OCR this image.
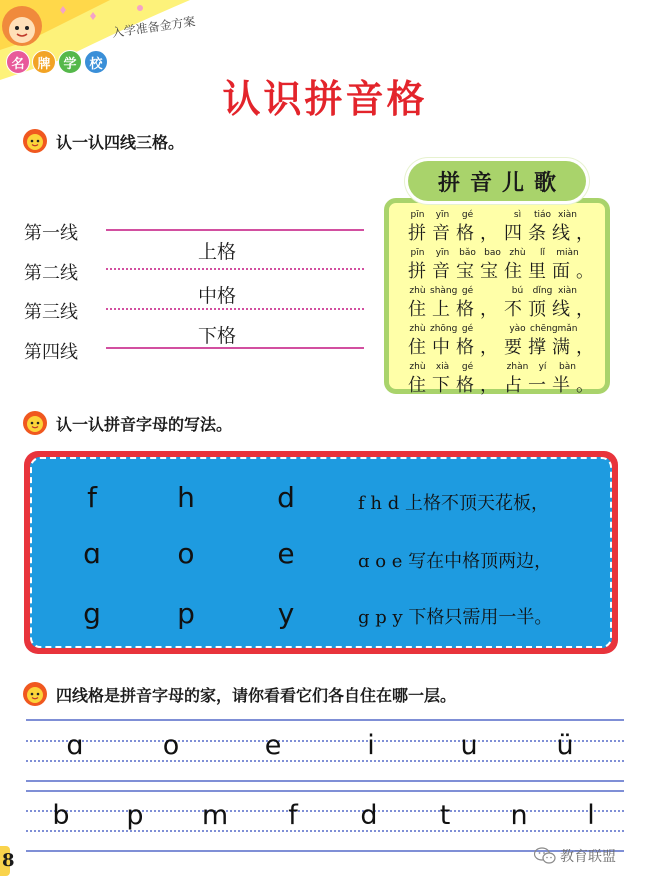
名 牌 学 校
入学准备金方案
认识拼音格
认一认四线三格。
第一线
第二线
第三线
第四线
上格
中格
下格
pīn	yīn	gé	sì	tiáo xiàn
拼 音 格 ， 四 条 线 ，
pīn	yīn	bǎo bao zhù	lǐ	miàn
拼 音 宝 宝 住 里 面 。
zhù shàng gé	bú	dǐng xiàn
住 上 格 ， 不 顶 线 ，
zhù zhōng gé	yào chēng mǎn
住 中 格 ， 要 撑 满 ，
zhù	xià	gé	zhàn	yí	bàn
住 下 格 ， 占 一 半 。
拼音儿歌
认一认拼音字母的写法。
f	h	d	f h d 上格不顶天花板，
ɑ	o	e	ɑ o e 写在中格顶两边，
g	p	y	g p y 下格只需用一半。
四线格是拼音字母的家，请你看看它们各自住在哪一层。
ɑ	o	e	i	u	ü
b	p	m	f	d	t	n	l
8	教育联盟
